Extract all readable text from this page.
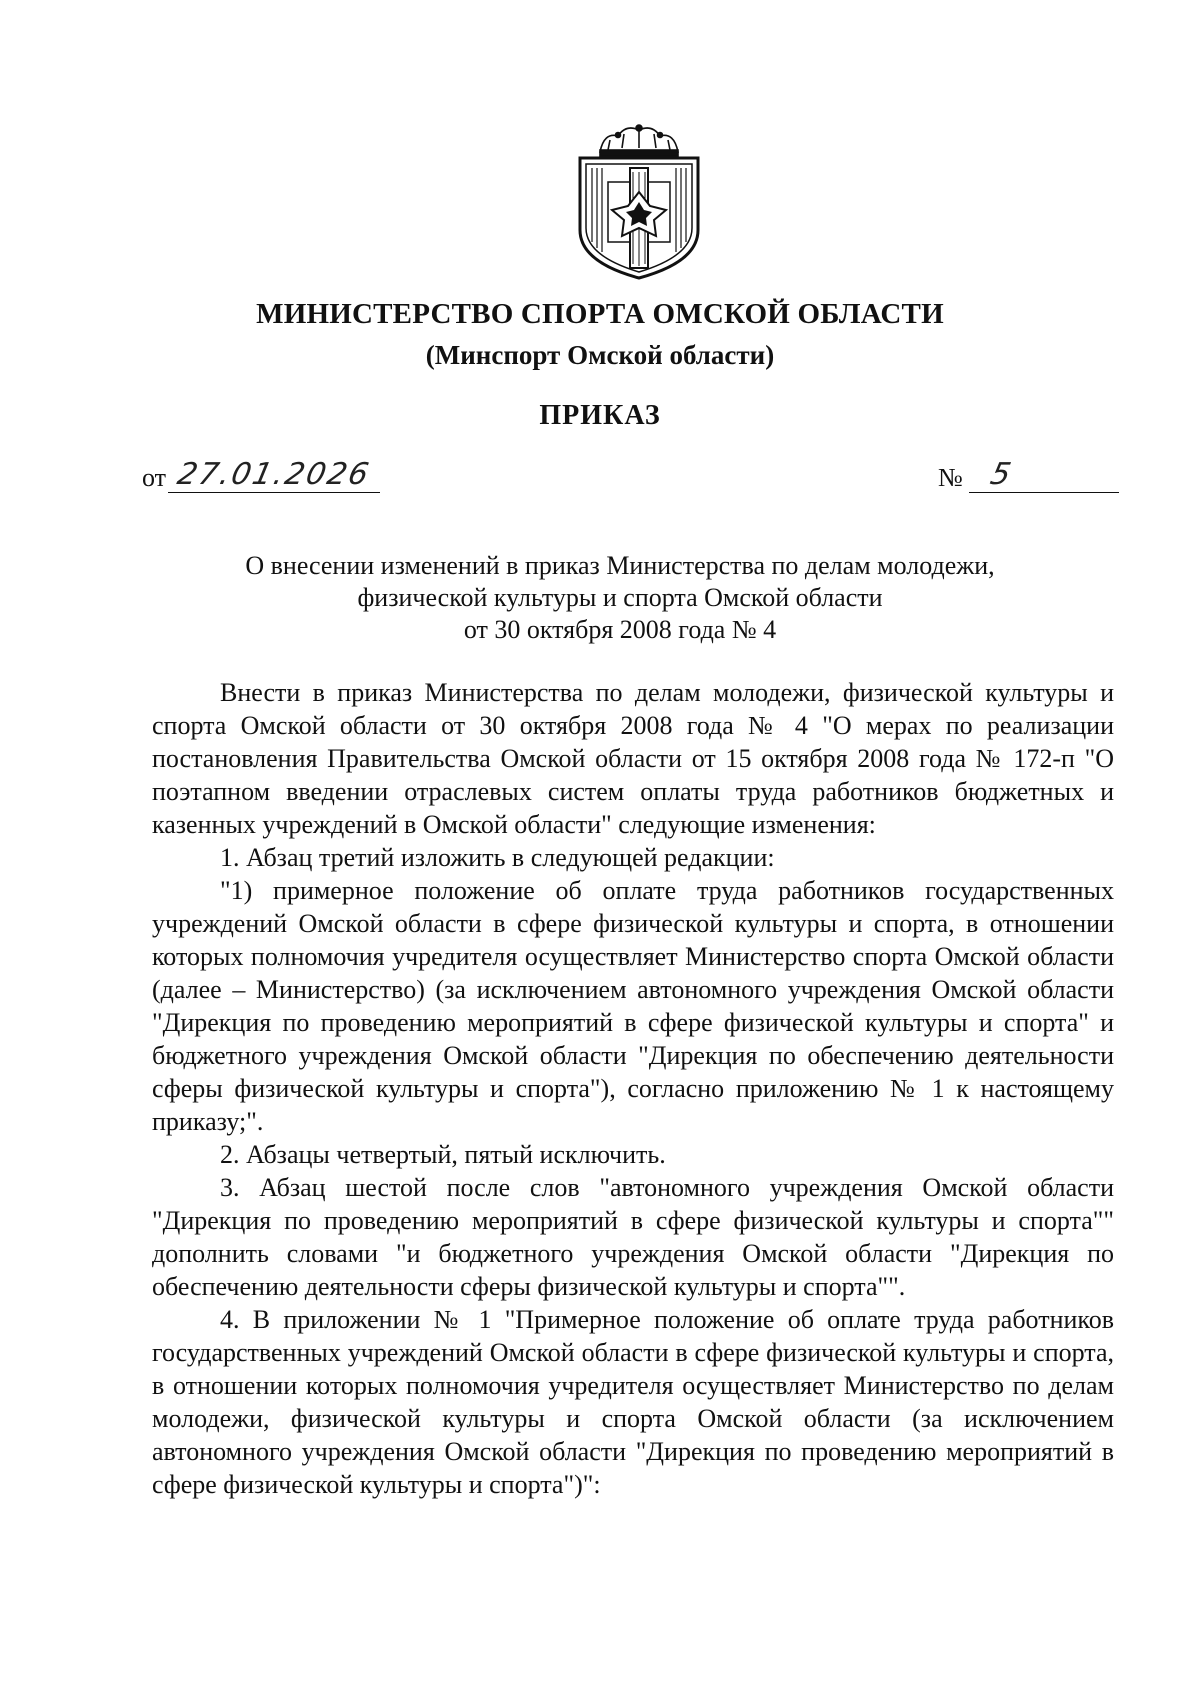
МИНИСТЕРСТВО СПОРТА ОМСКОЙ ОБЛАСТИ
(Минспорт Омской области)
ПРИКАЗ
от 27.01.2026	№ 5
О внесении изменений в приказ Министерства по делам молодежи,
физической культуры и спорта Омской области
от 30 октября 2008 года № 4

Внести в приказ Министерства по делам молодежи, физической культуры и спорта Омской области от 30 октября 2008 года № 4 "О мерах по реализации постановления Правительства Омской области от 15 октября 2008 года № 172-п "О поэтапном введении отраслевых систем оплаты труда работников бюджетных и казенных учреждений в Омской области" следующие изменения:

1. Абзац третий изложить в следующей редакции:

"1) примерное положение об оплате труда работников государственных учреждений Омской области в сфере физической культуры и спорта, в отношении которых полномочия учредителя осуществляет Министерство спорта Омской области (далее – Министерство) (за исключением автономного учреждения Омской области "Дирекция по проведению мероприятий в сфере физической культуры и спорта" и бюджетного учреждения Омской области "Дирекция по обеспечению деятельности сферы физической культуры и спорта"), согласно приложению № 1 к настоящему приказу;".

2. Абзацы четвертый, пятый исключить.

3. Абзац шестой после слов "автономного учреждения Омской области "Дирекция по проведению мероприятий в сфере физической культуры и спорта"" дополнить словами "и бюджетного учреждения Омской области "Дирекция по обеспечению деятельности сферы физической культуры и спорта"".

4. В приложении № 1 "Примерное положение об оплате труда работников государственных учреждений Омской области в сфере физической культуры и спорта, в отношении которых полномочия учредителя осуществляет Министерство по делам молодежи, физической культуры и спорта Омской области (за исключением автономного учреждения Омской области "Дирекция по проведению мероприятий в сфере физической культуры и спорта")":
